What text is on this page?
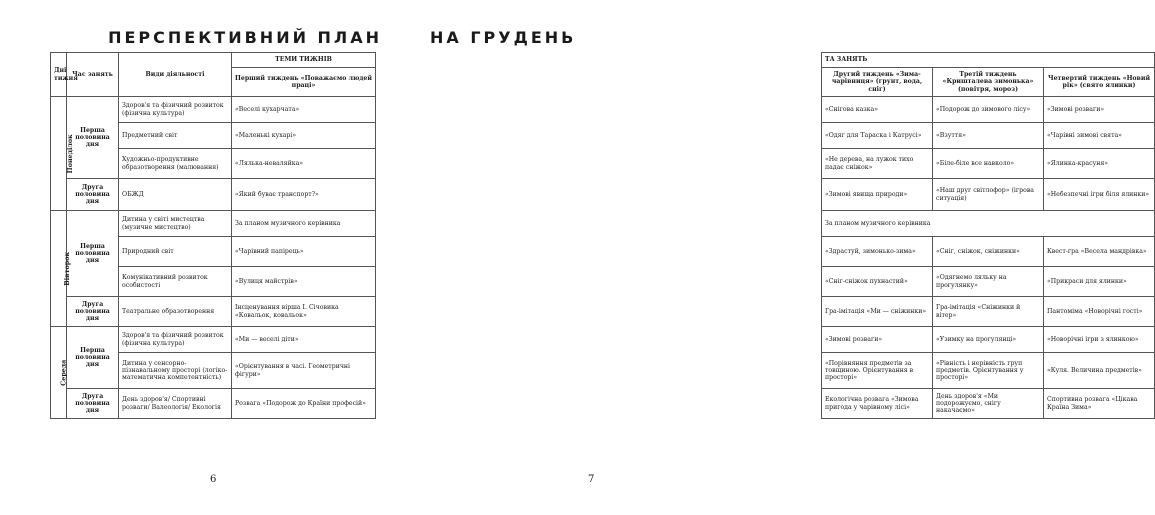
ПЕРСПЕКТИВНИЙ ПЛАН
Дні тижня	Час занять	Види діяльності	ТЕМИ ТИЖНІВ
			Перший тиждень «Поважаємо людей праці»
Понеділок	Перша половина дня	Здоров'я та фізичний розвиток (фізична культура)	«Веселі кухарчата»
		Предметний світ	«Маленькі кухарі»
		Художньо-продуктивне образотворення (малювання)	«Лялька-неваляйка»
	Друга половина дня	ОБЖД	«Який буває транспорт?»
Вівторок	Перша половина дня	Дитина у світі мистецтва (музичне мистецтво)	За планом музичного керівника
		Природний світ	«Чарівний папірець»
		Комунікативний розвиток особистості	«Вулиця майстрів»
	Друга половина дня	Театральне образотворення	Інсценування вірша І. Січовика «Ковальок, ковальок»
Середа	Перша половина дня	Здоров'я та фізичний розвиток (фізична культура)	«Ми — веселі діти»
		Дитина у сенсорно-пізнавальному просторі (логіко-математична компетентність)	«Орієнтування в часі. Геометричні фігури»
	Друга половина дня	День здоров'я/ Спортивні розваги/ Валеологія/ Екологія	Розвага «Подорож до Країни професій»
6
НА ГРУДЕНЬ
ТА ЗАНЯТЬ		
Другий тиждень «Зима-чарівниця» (грунт, вода, сніг)	Третій тиждень «Кришталева зимонька» (повітря, мороз)	Четвертий тиждень «Новий рік» (свято ялинки)
«Снігова казка»	«Подорож до зимового лісу»	«Зимові розваги»
«Одяг для Тараска і Катрусі»	«Взуття»	«Чарівні зимові свята»
«Не дерева, на лужок тихо падає сніжок»	«Біле-біле все навколо»	«Ялинка-красуня»
«Зимові явища природи»	«Наш друг світлофор» (ігрова ситуація)	«Небезпечні ігри біля ялинки»
За планом музичного керівника		
«Здрастуй, зимонько-зима»	«Сніг, сніжок, сніжинки»	Квест-гра «Весела мандрівка»
«Сніг-сніжок пухнастий»	«Одягнемо ляльку на прогулянку»	«Прикраси для ялинки»
Гра-імітація «Ми — сніжинки»	Гра-імітація «Сніжинки й вітер»	Пантоміма «Новорічні гості»
«Зимові розваги»	«Узимку на прогулянці»	«Новорічні ігри з ялинкою»
«Порівняння предметів за товщиною. Орієнтування в просторі»	«Рівність і нерівність груп предметів. Орієнтування у просторі»	«Куля. Величина предметів»
Екологічна розвага «Зимова пригода у чарівному лісі»	День здоров'я «Ми подорожуємо, снігу накачаємо»	Спортивна розвага «Цікава Країна Зима»
7
